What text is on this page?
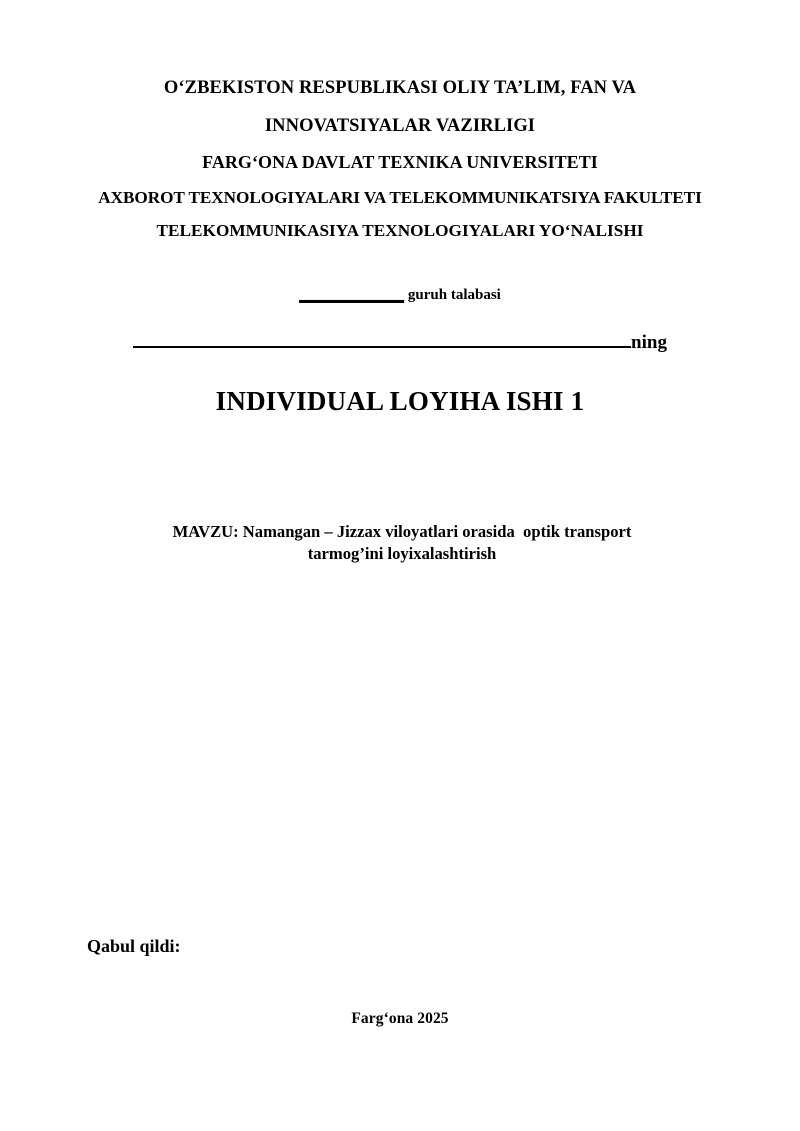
O‘ZBEKISTON RESPUBLIKASI OLIY TA’LIM, FAN VA
INNOVATSIYALAR VAZIRLIGI
FARG‘ONA DAVLAT TEXNIKA UNIVERSITETI
AXBOROT TEXNOLOGIYALARI VA TELEKOMMUNIKATSIYA FAKULTETI
TELEKOMMUNIKASIYA TEXNOLOGIYALARI YO‘NALISHI
______________ guruh talabasi
ning
INDIVIDUAL LOYIHA ISHI 1
MAVZU: Namangan – Jizzax viloyatlari orasida  optik transport
tarmog’ini loyixalashtirish
Qabul qildi:
Farg‘ona 2025
